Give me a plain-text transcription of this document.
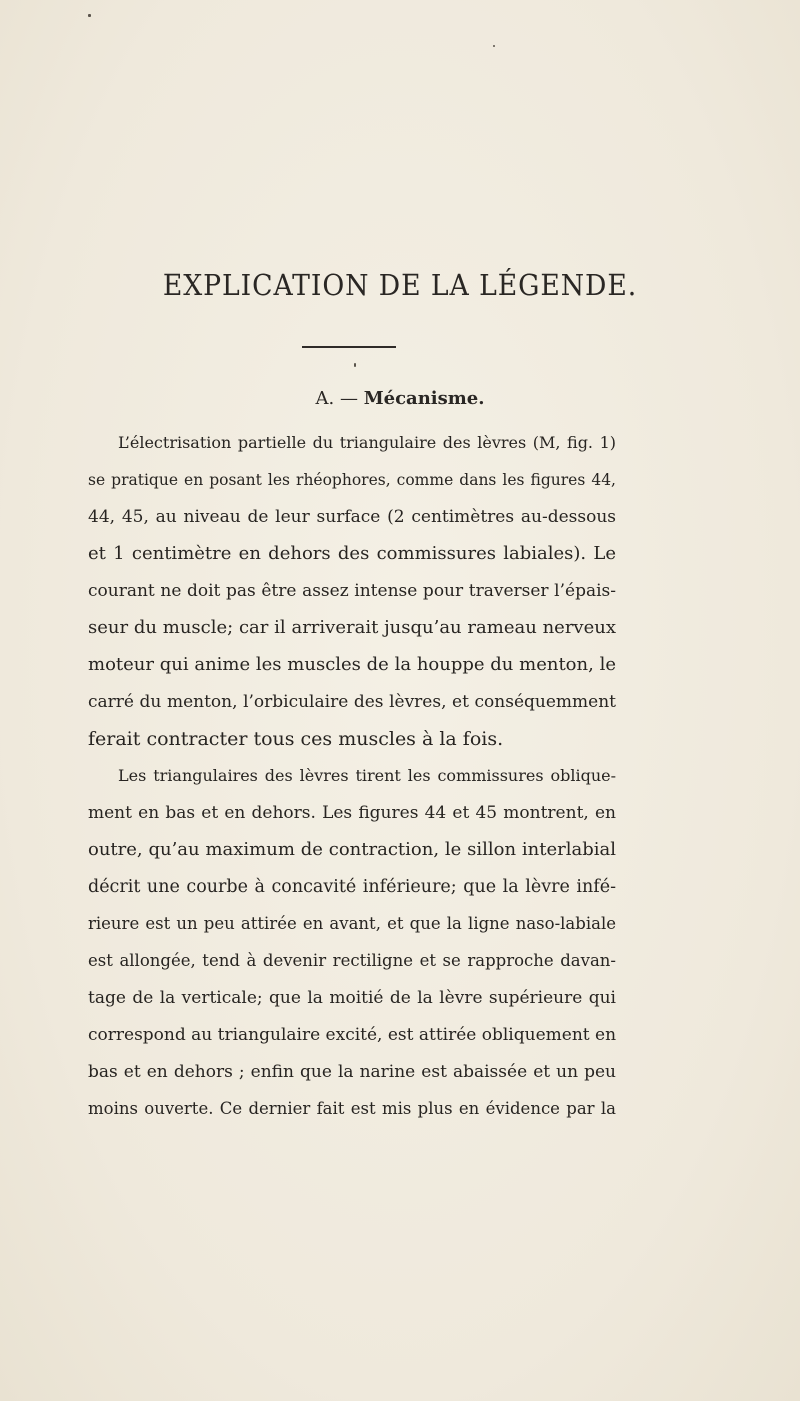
EXPLICATION DE LA LÉGENDE.
A. — Mécanisme.
L’électrisation partielle du triangulaire des lèvres (M, fig. 1)
se pratique en posant les rhéophores, comme dans les figures 44,
44, 45, au niveau de leur surface (2 centimètres au-dessous
et 1 centimètre en dehors des commissures labiales). Le
courant ne doit pas être assez intense pour traverser l’épais-
seur du muscle; car il arriverait jusqu’au rameau nerveux
moteur qui anime les muscles de la houppe du menton, le
carré du menton, l’orbiculaire des lèvres, et conséquemment
ferait contracter tous ces muscles à la fois.
Les triangulaires des lèvres tirent les commissures oblique-
ment en bas et en dehors. Les figures 44 et 45 montrent, en
outre, qu’au maximum de contraction, le sillon interlabial
décrit une courbe à concavité inférieure; que la lèvre infé-
rieure est un peu attirée en avant, et que la ligne naso-labiale
est allongée, tend à devenir rectiligne et se rapproche davan-
tage de la verticale; que la moitié de la lèvre supérieure qui
correspond au triangulaire excité, est attirée obliquement en
bas et en dehors ; enfin que la narine est abaissée et un peu
moins ouverte. Ce dernier fait est mis plus en évidence par la
